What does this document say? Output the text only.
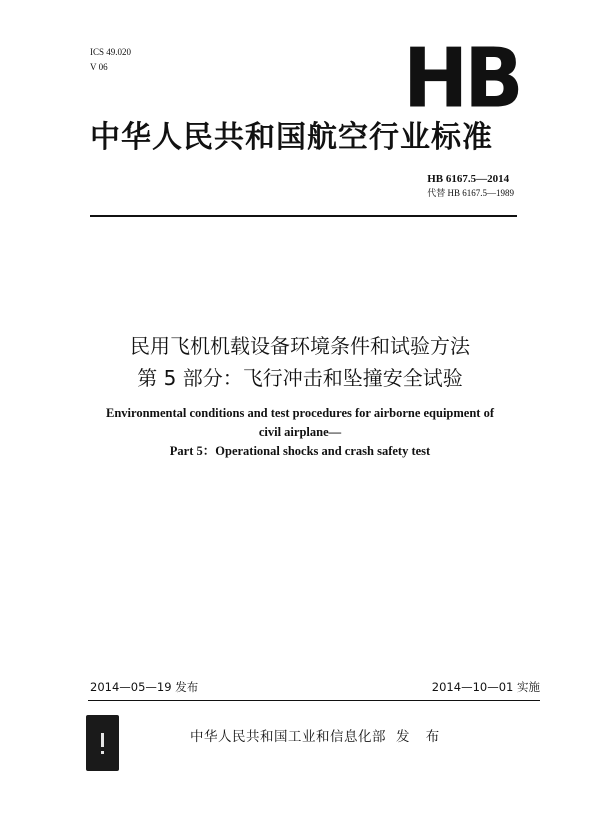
ICS 49.020
V 06	HB
中华人民共和国航空行业标准
HB 6167.5—2014
代替 HB 6167.5—1989
民用飞机机载设备环境条件和试验方法
第 5 部分：飞行冲击和坠撞安全试验
Environmental conditions and test procedures for airborne equipment of
civil airplane—
Part 5：Operational shocks and crash safety test
2014—05—19 发布	2014—10—01 实施
中华人民共和国工业和信息化部 发 布
